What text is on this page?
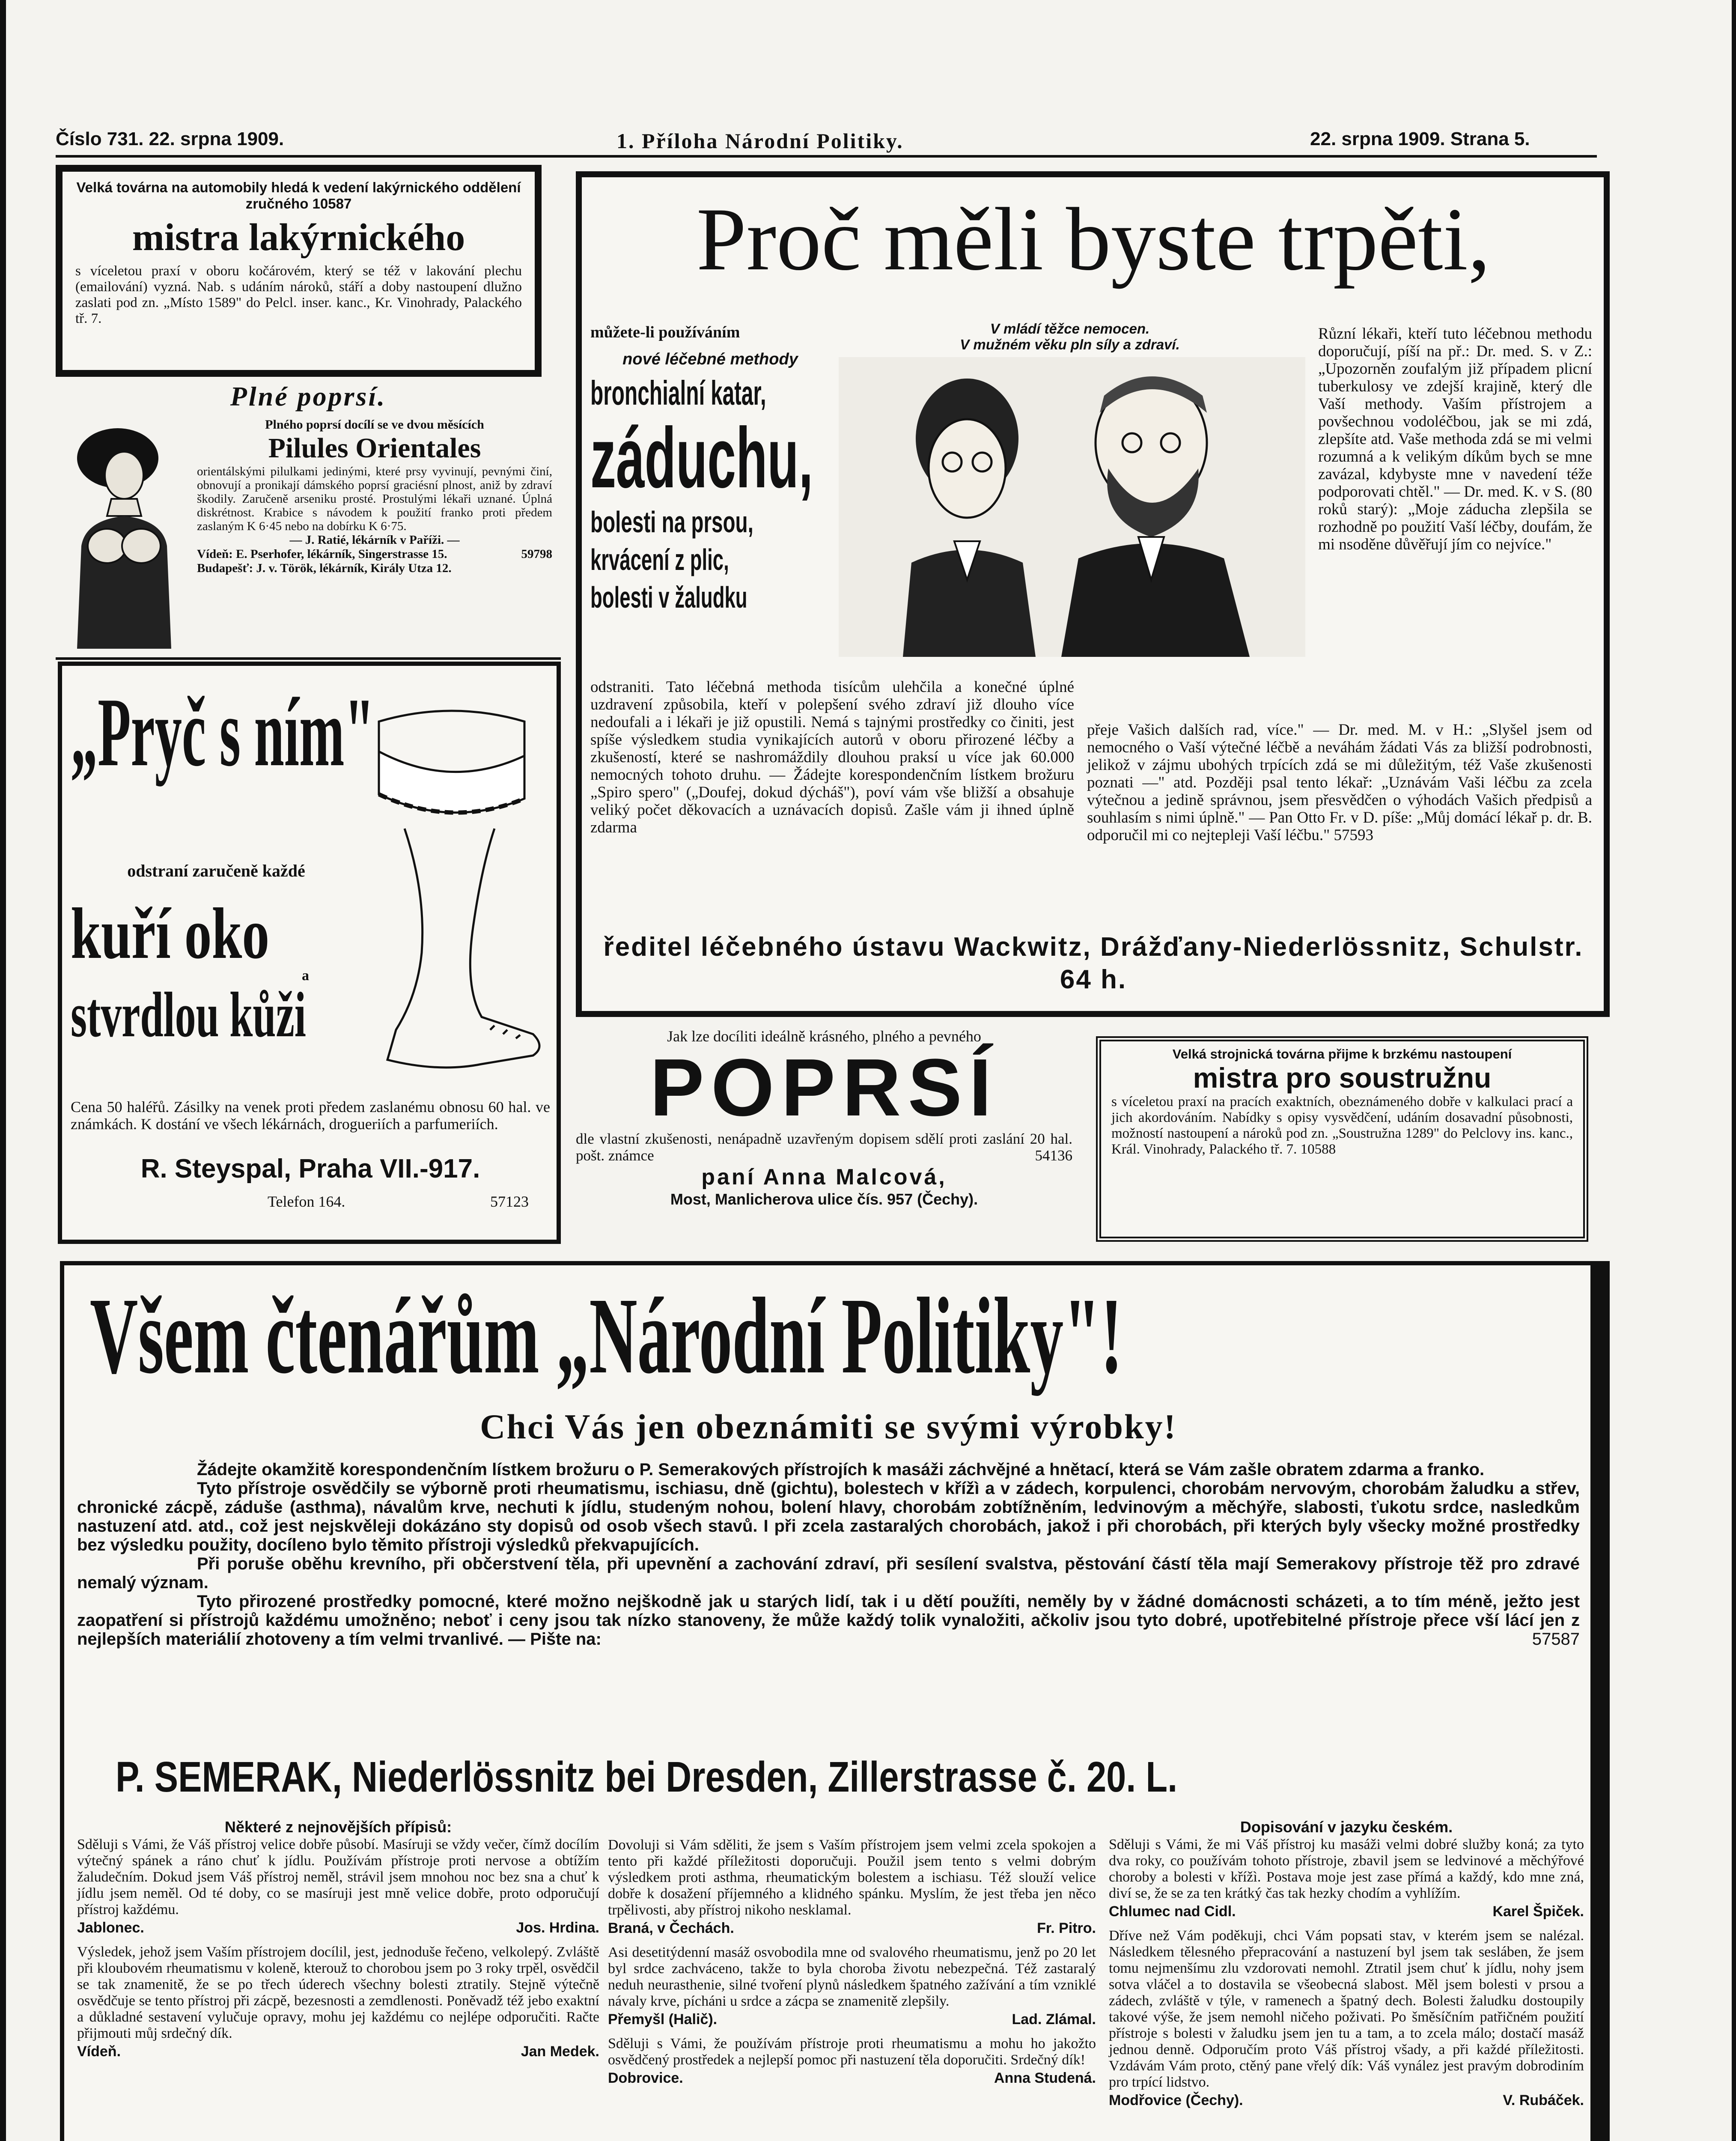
Číslo 731. 22. srpna 1909.	1. Příloha Národní Politiky.	22. srpna 1909. Strana 5.

Velká továrna na automobily hledá k vedení lakýrnického oddělení zručného 10587

mistra lakýrnického

s víceletou praxí v oboru kočárovém, který se též v lakování plechu (emailování) vyzná. Nab. s udáním nároků, stáří a doby nastoupení dlužno zaslati pod zn. „Místo 1589" do Pelcl. inser. kanc., Kr. Vinohrady, Palackého tř. 7.

Plné poprsí.

Plného poprsí docílí se ve dvou měsících

Pilules Orientales

orientálskými pilulkami jedinými, které prsy vyvinují, pevnými činí, obnovují a pronikají dámského poprsí graciésní plnost, aniž by zdraví škodily. Zaručeně arseniku prosté. Prostulými lékaři uznané. Úplná diskrétnost. Krabice s návodem k použití franko proti předem zaslaným K 6·45 nebo na dobírku K 6·75.

— J. Ratié, lékárník v Paříži. —

Vídeň: E. Pserhofer, lékárník, Singerstrasse 15.	59798

Budapešť: J. v. Török, lékárník, Király Utza 12.

„Pryč s ním"
odstraní zaručeně každé
kuří oko
a
stvrdlou kůži

Cena 50 haléřů. Zásilky na venek proti předem zaslanému obnosu 60 hal. ve známkách. K dostání ve všech lékárnách, drogueriích a parfumeriích.

R. Steyspal, Praha VII.-917.
Telefon 164.	57123
Proč měli byste trpěti,
můžete-li používáním
nové léčebné methody
bronchialní katar, záduchu, bolesti na prsou, krvácení z plic, bolesti v žaludku
V mládí těžce nemocen.
V mužném věku pln síly a zdraví.

Různí lékaři, kteří tuto léčebnou methodu doporučují, píší na př.: Dr. med. S. v Z.: „Upozorněn zoufalým již případem plicní tuberkulosy ve zdejší krajině, který dle Vaší methody. Vaším přístrojem a povšechnou vodoléčbou, jak se mi zdá, zlepšíte atd. Vaše methoda zdá se mi velmi rozumná a k velikým díkům bych se mne zavázal, kdybyste mne v navedení téže podporovati chtěl." — Dr. med. K. v S. (80 roků starý): „Moje záducha zlepšila se rozhodně po použití Vaší léčby, doufám, že mi nsoděne důvěřují jím co nejvíce."

odstraniti. Tato léčebná methoda tisícům ulehčila a konečné úplné uzdravení způsobila, kteří v polepšení svého zdraví již dlouho více nedoufali a i lékaři je již opustili. Nemá s tajnými prostředky co činiti, jest spíše výsledkem studia vynikajících autorů v oboru přirozené léčby a zkušeností, které se nashromáždily dlouhou praksí u více jak 60.000 nemocných tohoto druhu. — Žádejte korespondenčním lístkem brožuru „Spiro spero" („Doufej, dokud dýcháš"), poví vám vše bližší a obsahuje veliký počet děkovacích a uznávacích dopisů. Zašle vám ji ihned úplně zdarma

přeje Vašich dalších rad, více." — Dr. med. M. v H.: „Slyšel jsem od nemocného o Vaší výtečné léčbě a neváhám žádati Vás za bližší podrobnosti, jelikož v zájmu ubohých trpících zdá se mi důležitým, též Vaše zkušenosti poznati —" atd. Později psal tento lékař: „Uznávám Vaši léčbu za zcela výtečnou a jedině správnou, jsem přesvědčen o výhodách Vašich předpisů a souhlasím s nimi úplně." — Pan Otto Fr. v D. píše: „Můj domácí lékař p. dr. B. odporučil mi co nejtepleji Vaší léčbu." 57593

ředitel léčebného ústavu Wackwitz, Drážďany-Niederlössnitz, Schulstr. 64 h.

Jak lze docíliti ideálně krásného, plného a pevného

POPRSÍ

dle vlastní zkušenosti, nenápadně uzavřeným dopisem sdělí proti zaslání 20 hal. pošt. známce	54136

paní Anna Malcová,
Most, Manlicherova ulice čís. 957 (Čechy).

Velká strojnická továrna přijme k brzkému nastoupení

mistra pro soustružnu

s víceletou praxí na pracích exaktních, obeznámeného dobře v kalkulaci prací a jich akordováním. Nabídky s opisy vysvědčení, udáním dosavadní působnosti, možností nastoupení a nároků pod zn. „Soustružna 1289" do Pelclovy ins. kanc., Král. Vinohrady, Palackého tř. 7. 10588

Všem čtenářům „Národní Politiky"!
Chci Vás jen obeznámiti se svými výrobky!

Žádejte okamžitě korespondenčním lístkem brožuru o P. Semerakových přístrojích k masáži záchvějné a hnětací, která se Vám zašle obratem zdarma a franko.

Tyto přístroje osvědčily se výborně proti rheumatismu, ischiasu, dně (gichtu), bolestech v křížì a v zádech, korpulenci, chorobám nervovým, chorobám žaludku a střev, chronické zácpě, záduše (asthma), návalům krve, nechuti k jídlu, studeným nohou, bolení hlavy, chorobám zobtížněním, ledvinovým a měchýře, slabosti, ťukotu srdce, nasledkům nastuzení atd. atd., což jest nejskvěleji dokázáno sty dopisů od osob všech stavů. I při zcela zastaralých chorobách, jakož i při chorobách, při kterých byly všecky možné prostředky bez výsledku použity, docíleno bylo těmito přístroji výsledků překvapujících.

Při poruše oběhu krevního, při občerstvení těla, při upevnění a zachování zdraví, při sesílení svalstva, pěstování částí těla mají Semerakovy přístroje těž pro zdravé nemalý význam.

Tyto přirozené prostředky pomocné, které možno nejškodně jak u starých lidí, tak i u dětí použíti, neměly by v žádné domácnosti scházeti, a to tím méně, ježto jest zaopatření si přístrojů každému umožněno; neboť i ceny jsou tak nízko stanoveny, že může každý tolik vynaložiti, ačkoliv jsou tyto dobré, upotřebitelné přístroje přece vší lácí jen z nejlepších materiálií zhotoveny a tím velmi trvanlivé. — Pište na:	57587

P. SEMERAK, Niederlössnitz bei Dresden, Zillerstrasse č. 20. L.
Některé z nejnovějších přípisů:

Sděluji s Vámi, že Váš přístroj velice dobře působí. Masíruji se vždy večer, čímž docílím výtečný spánek a ráno chuť k jídlu. Používám přístroje proti nervose a obtížím žaludečním. Dokud jsem Váš přístroj neměl, strávil jsem mnohou noc bez sna a chuť k jídlu jsem neměl. Od té doby, co se masíruji jest mně velice dobře, proto odporučují přístroj každému.

Jablonec.	Jos. Hrdina.

Výsledek, jehož jsem Vaším přístrojem docílil, jest, jednoduše řečeno, velkolepý. Zvláště při kloubovém rheumatismu v koleně, kterouž to chorobou jsem po 3 roky trpěl, osvědčil se tak znamenitě, že se po třech úderech všechny bolesti ztratily. Stejně výtečně osvědčuje se tento přístroj při zácpě, bezesnosti a zemdlenosti. Poněvadž též jebo exaktní a důkladné sestavení vylučuje opravy, mohu jej každému co nejlépe odporučiti. Račte přijmouti můj srdečný dík.

Vídeň.	Jan Medek.

Dovoluji si Vám sděliti, že jsem s Vaším přístrojem jsem velmi zcela spokojen a tento při každé příležitosti doporučuji. Použil jsem tento s velmi dobrým výsledkem proti asthma, rheumatickým bolestem a ischiasu. Též slouží velice dobře k dosažení příjemného a klidného spánku. Myslím, že jest třeba jen něco trpělivosti, aby přístroj nikoho nesklamal.

Braná, v Čechách.	Fr. Pitro.

Asi desetitýdenní masáž osvobodila mne od svalového rheumatismu, jenž po 20 let byl srdce zachváceno, takže to byla choroba životu nebezpečná. Též zastaralý neduh neurasthenie, silné tvoření plynů následkem špatného zažívání a tím vzniklé návaly krve, pícháni u srdce a zácpa se znamenitě zlepšily.

Přemyšl (Halič).	Lad. Zlámal.

Sděluji s Vámi, že používám přístroje proti rheumatismu a mohu ho jakožto osvědčený prostředek a nejlepší pomoc při nastuzení těla doporučiti. Srdečný dík!

Dobrovice.	Anna Studená.
Dopisování v jazyku českém.

Sděluji s Vámi, že mi Váš přístroj ku masáži velmi dobré služby koná; za tyto dva roky, co používám tohoto přístroje, zbavil jsem se ledvinové a měchýřové choroby a bolesti v křížì. Postava moje jest zase přímá a každý, kdo mne zná, diví se, že se za ten krátký čas tak hezky chodím a vyhlížím.

Chlumec nad Cidl.	Karel Špiček.

Dříve než Vám poděkuji, chci Vám popsati stav, v kterém jsem se nalézal. Následkem tělesného přepracování a nastuzení byl jsem tak sesláben, že jsem tomu nejmenšímu zlu vzdorovati nemohl. Ztratil jsem chuť k jídlu, nohy jsem sotva vláčel a to dostavila se všeobecná slabost. Měl jsem bolesti v prsou a zádech, zvláště v týle, v ramenech a špatný dech. Bolesti žaludku dostoupily takové výše, že jsem nemohl ničeho poživati. Po šměsíčním patřičném použití přístroje s bolesti v žaludku jsem jen tu a tam, a to zcela málo; dostačí masáž jednou denně. Odporučím proto Váš přístroj všady, a při každé příležitosti. Vzdávám Vám proto, ctěný pane vřelý dík: Váš vynález jest pravým dobrodiním pro trpící lidstvo.

Modřovice (Čechy).	V. Rubáček.
